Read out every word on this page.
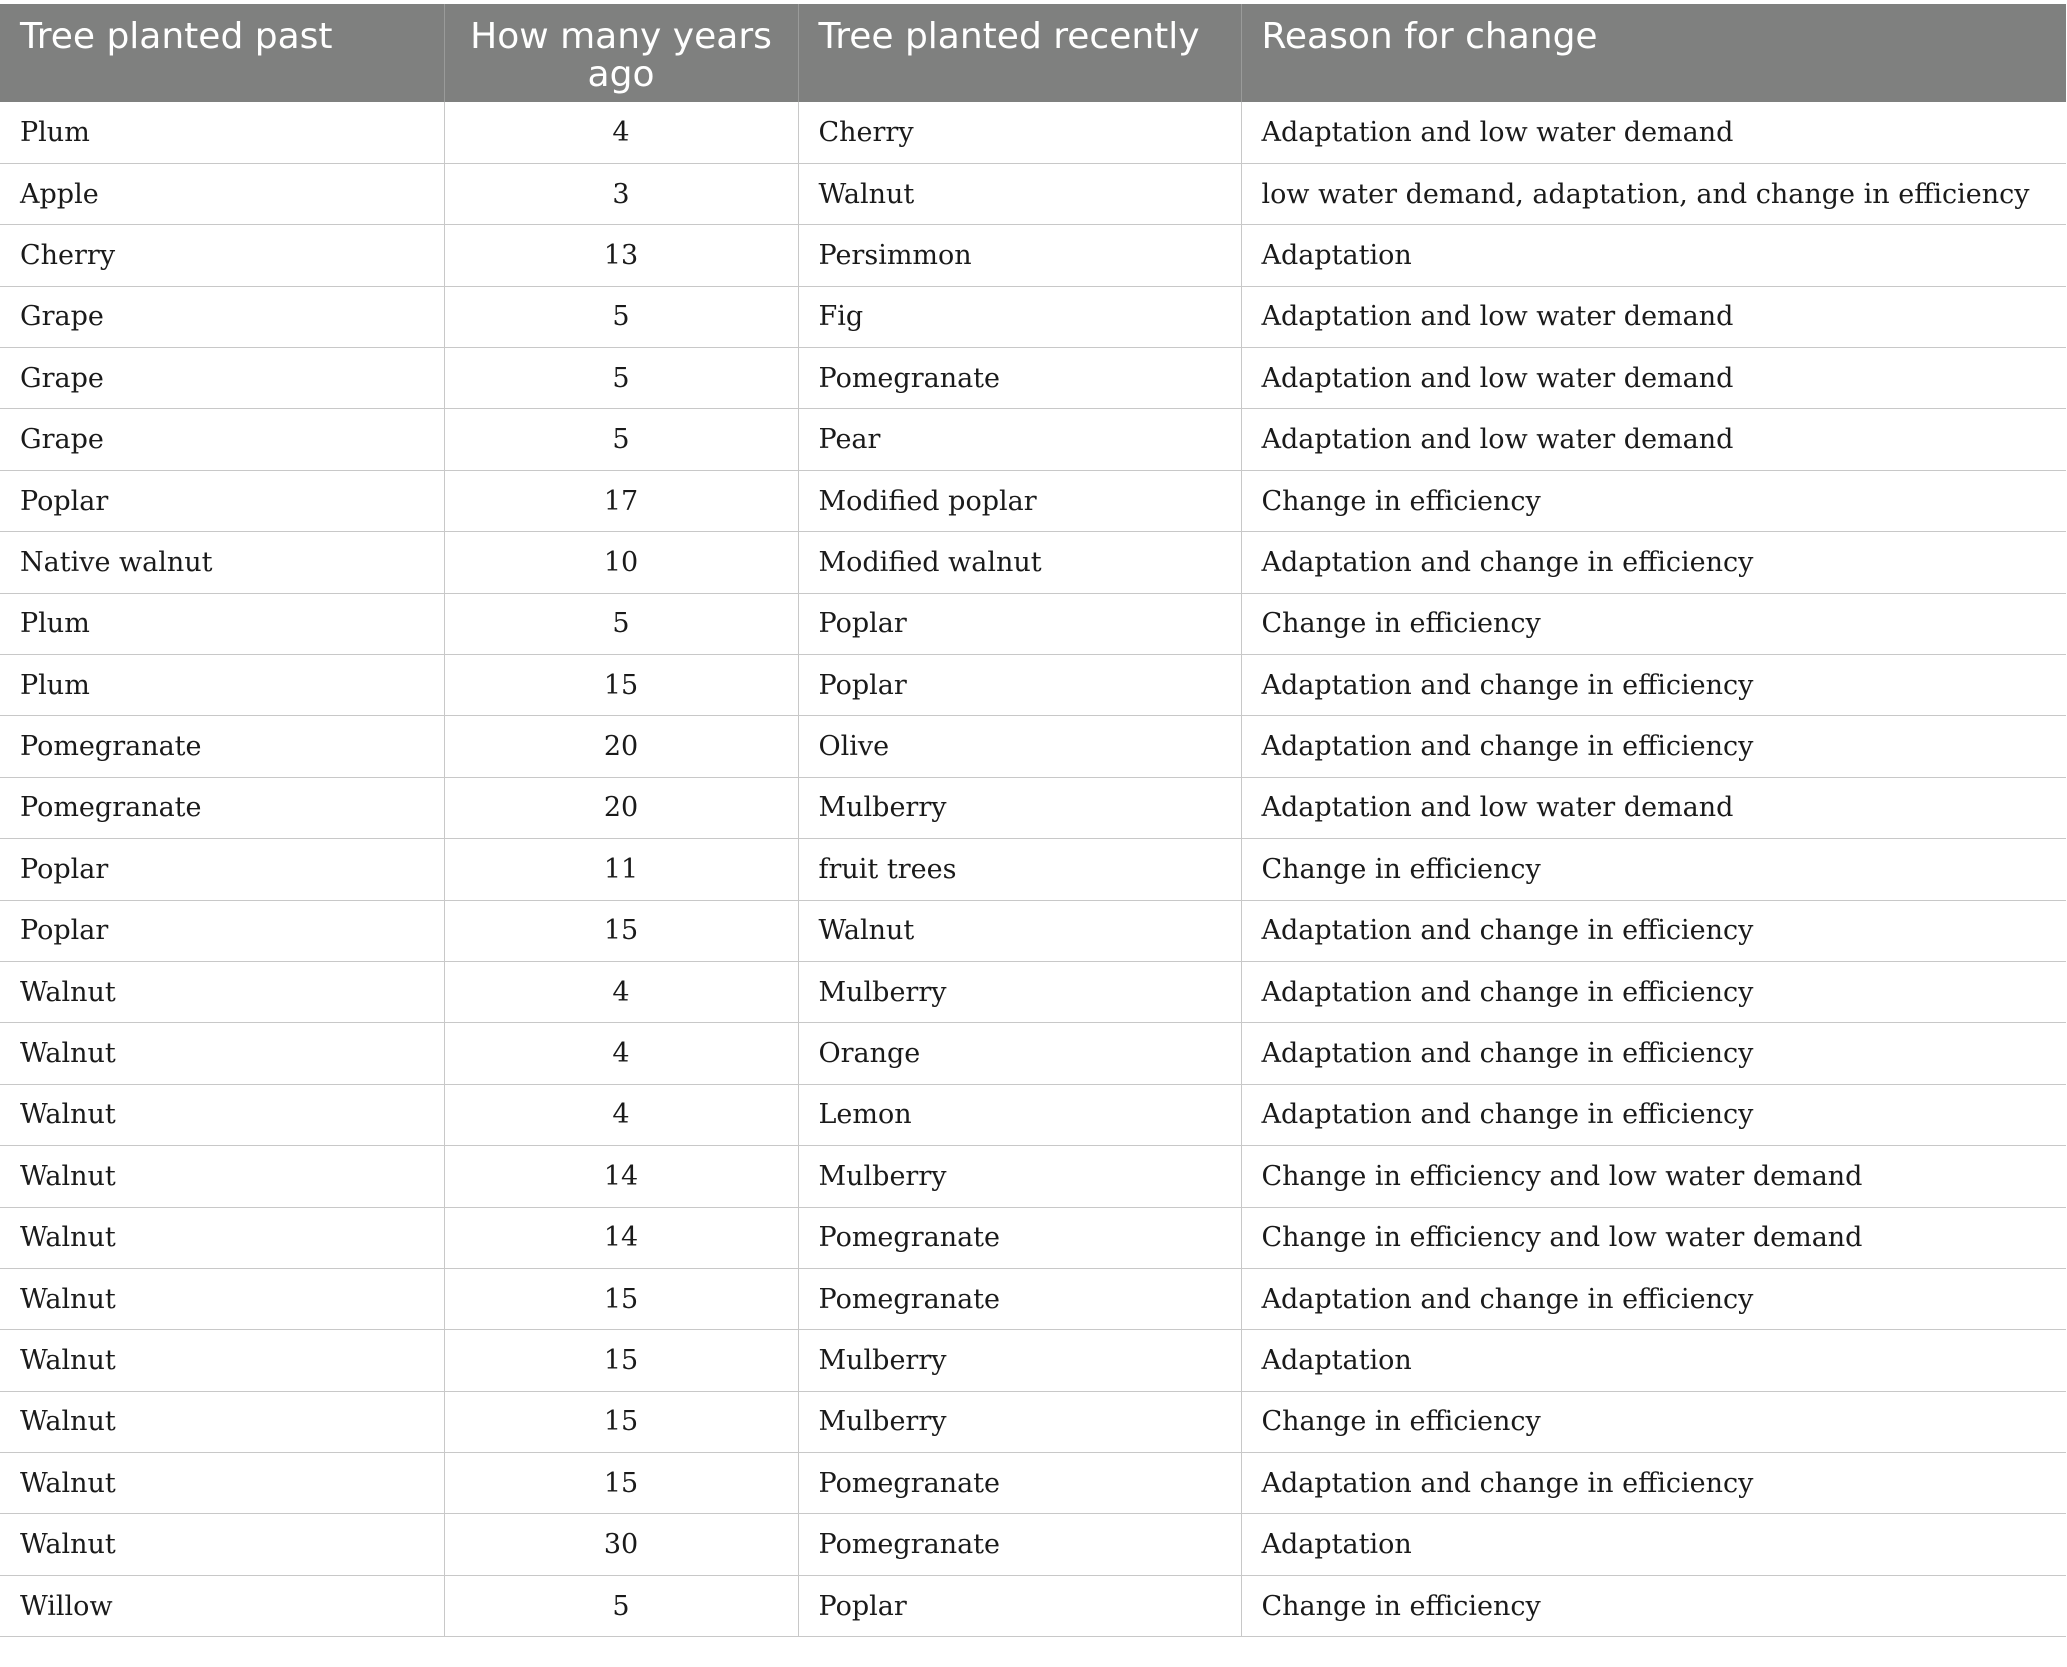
Tree planted past	How many years ago	Tree planted recently	Reason for change
Plum	4	Cherry	Adaptation and low water demand
Apple	3	Walnut	low water demand, adaptation, and change in efficiency
Cherry	13	Persimmon	Adaptation
Grape	5	Fig	Adaptation and low water demand
Grape	5	Pomegranate	Adaptation and low water demand
Grape	5	Pear	Adaptation and low water demand
Poplar	17	Modified poplar	Change in efficiency
Native walnut	10	Modified walnut	Adaptation and change in efficiency
Plum	5	Poplar	Change in efficiency
Plum	15	Poplar	Adaptation and change in efficiency
Pomegranate	20	Olive	Adaptation and change in efficiency
Pomegranate	20	Mulberry	Adaptation and low water demand
Poplar	11	fruit trees	Change in efficiency
Poplar	15	Walnut	Adaptation and change in efficiency
Walnut	4	Mulberry	Adaptation and change in efficiency
Walnut	4	Orange	Adaptation and change in efficiency
Walnut	4	Lemon	Adaptation and change in efficiency
Walnut	14	Mulberry	Change in efficiency and low water demand
Walnut	14	Pomegranate	Change in efficiency and low water demand
Walnut	15	Pomegranate	Adaptation and change in efficiency
Walnut	15	Mulberry	Adaptation
Walnut	15	Mulberry	Change in efficiency
Walnut	15	Pomegranate	Adaptation and change in efficiency
Walnut	30	Pomegranate	Adaptation
Willow	5	Poplar	Change in efficiency
